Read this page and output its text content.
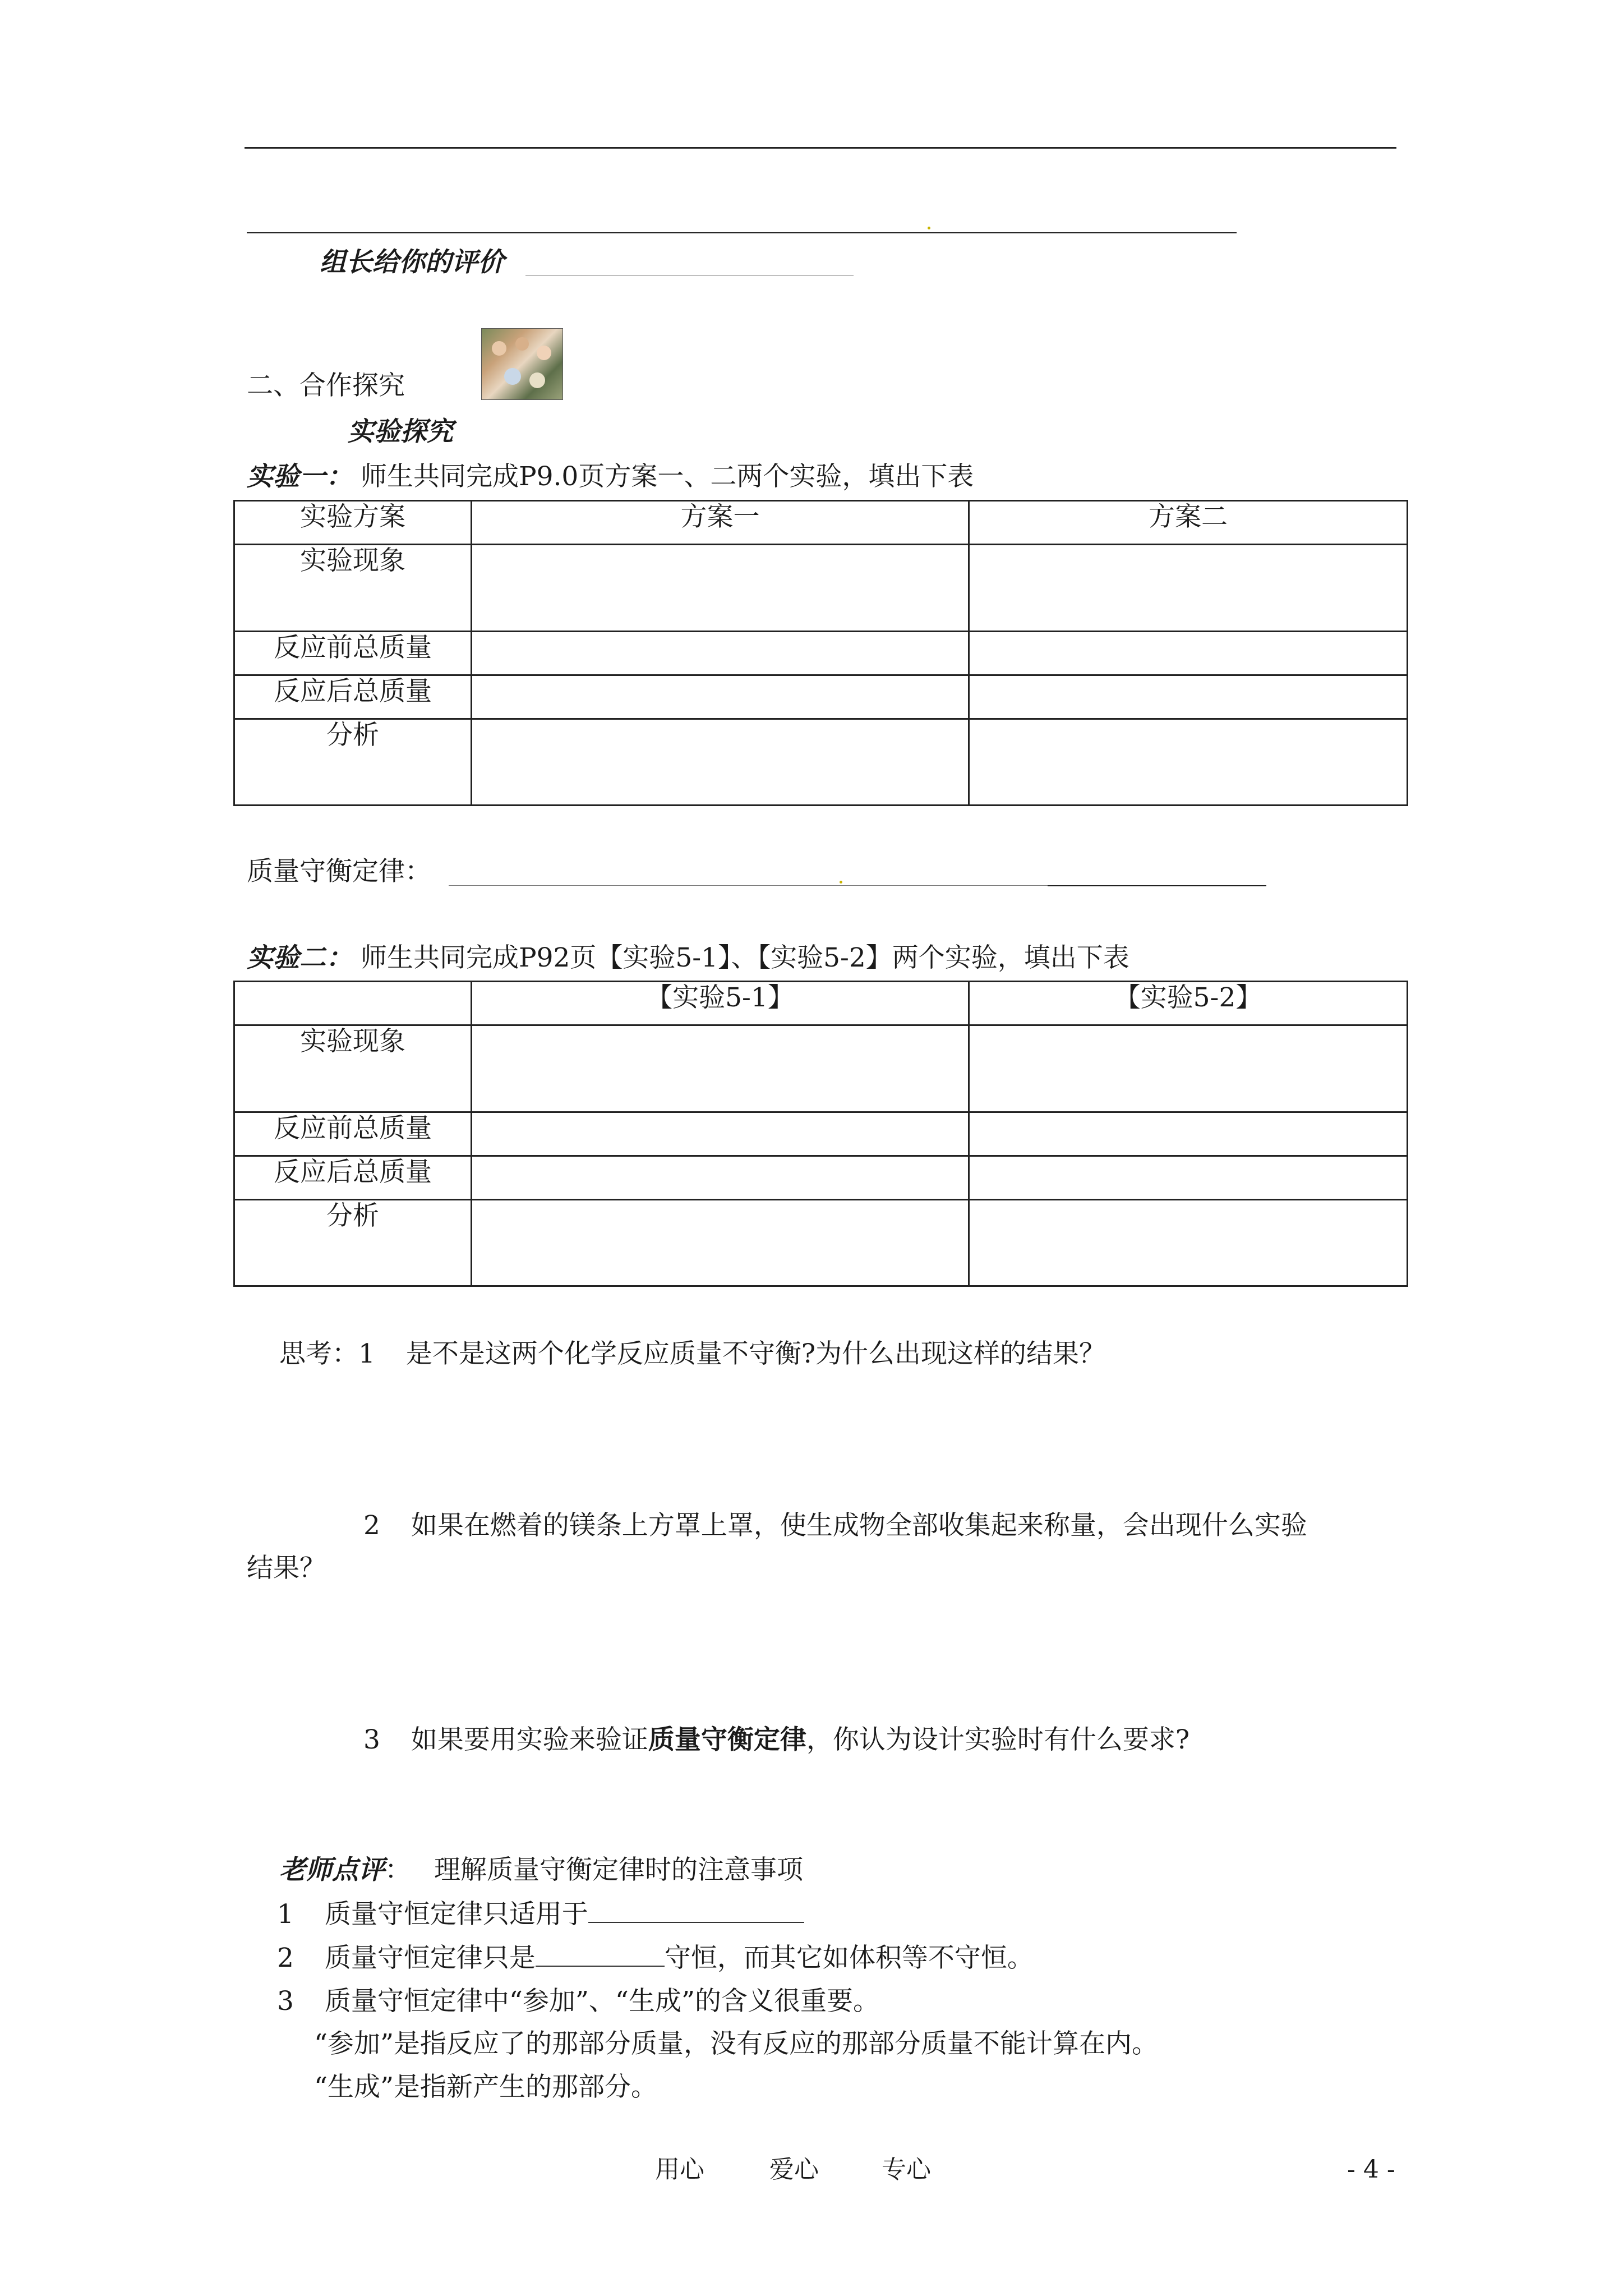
组长给你的评价
二、合作探究
实验探究
实验一： 师生共同完成P9.0页方案一、二两个实验，填出下表
实验方案	方案一	方案二
实验现象		
反应前总质量		
反应后总质量		
分析		
质量守衡定律：
实验二： 师生共同完成P92页【实验5-1】、【实验5-2】两个实验，填出下表
	【实验5-1】	【实验5-2】
实验现象		
反应前总质量		
反应后总质量		
分析		
思考：1 是不是这两个化学反应质量不守衡?为什么出现这样的结果？
2 如果在燃着的镁条上方罩上罩，使生成物全部收集起来称量，会出现什么实验
结果？
3 如果要用实验来验证质量守衡定律，你认为设计实验时有什么要求?
老师点评： 理解质量守衡定律时的注意事项
1 质量守恒定律只适用于
2 质量守恒定律只是	守恒，而其它如体积等不守恒。
3 质量守恒定律中“参加”、“生成”的含义很重要。
“参加”是指反应了的那部分质量，没有反应的那部分质量不能计算在内。
“生成”是指新产生的那部分。
用心	爱心	专心	- 4 -
